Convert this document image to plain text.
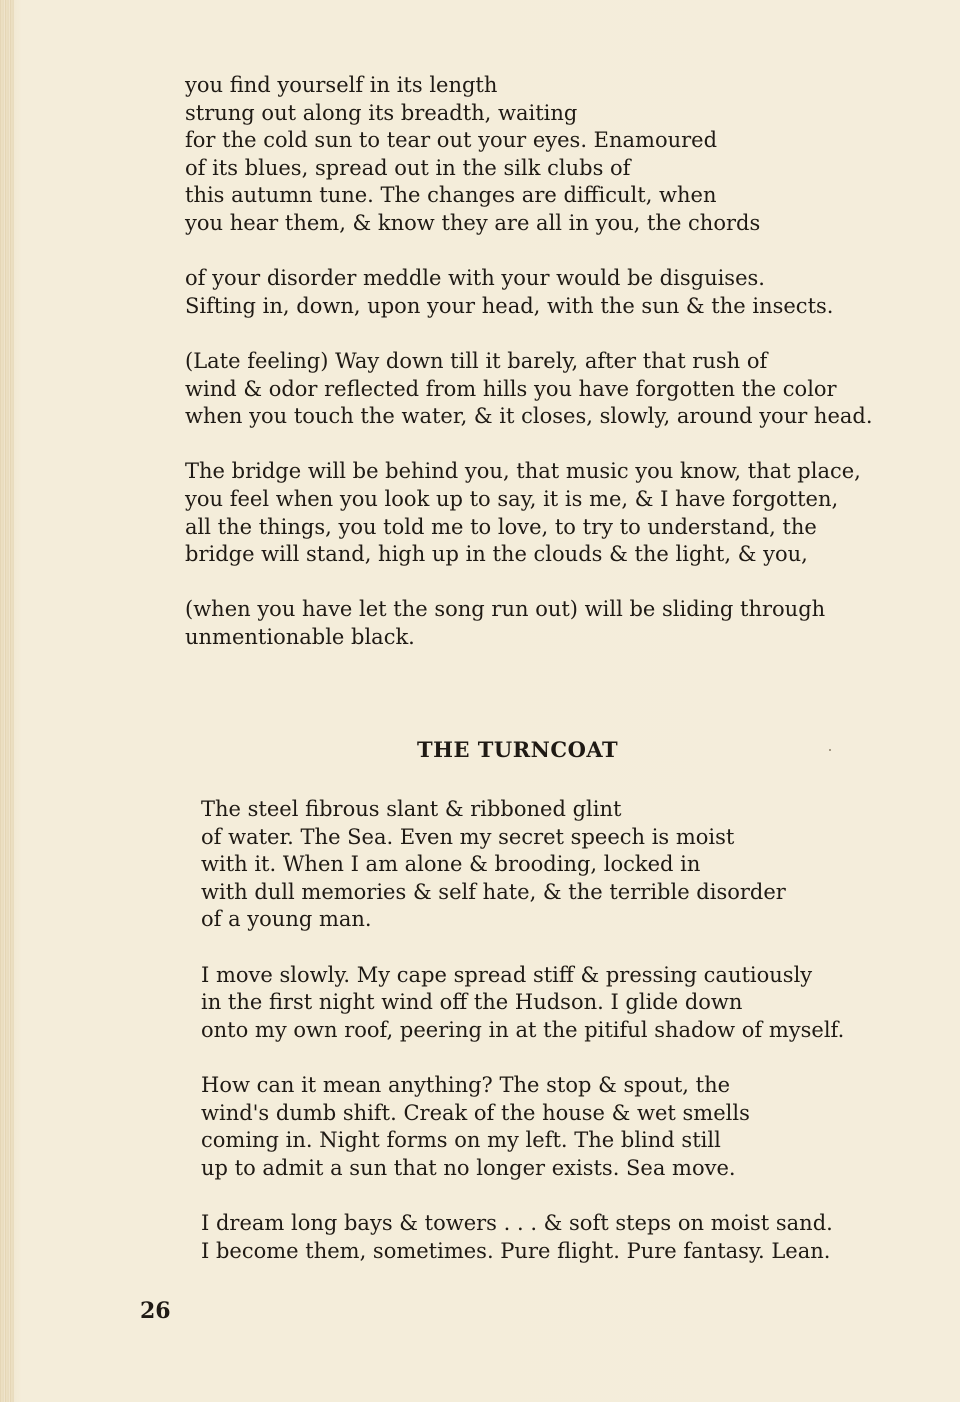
you find yourself in its length
strung out along its breadth, waiting
for the cold sun to tear out your eyes. Enamoured
of its blues, spread out in the silk clubs of
this autumn tune. The changes are difficult, when
you hear them, & know they are all in you, the chords
of your disorder meddle with your would be disguises.
Sifting in, down, upon your head, with the sun & the insects.
(Late feeling) Way down till it barely, after that rush of
wind & odor reflected from hills you have forgotten the color
when you touch the water, & it closes, slowly, around your head.
The bridge will be behind you, that music you know, that place,
you feel when you look up to say, it is me, & I have forgotten,
all the things, you told me to love, to try to understand, the
bridge will stand, high up in the clouds & the light, & you,
(when you have let the song run out) will be sliding through
unmentionable black.
THE TURNCOAT
The steel fibrous slant & ribboned glint
of water. The Sea. Even my secret speech is moist
with it. When I am alone & brooding, locked in
with dull memories & self hate, & the terrible disorder
of a young man.
I move slowly. My cape spread stiff & pressing cautiously
in the first night wind off the Hudson. I glide down
onto my own roof, peering in at the pitiful shadow of myself.
How can it mean anything? The stop & spout, the
wind's dumb shift. Creak of the house & wet smells
coming in. Night forms on my left. The blind still
up to admit a sun that no longer exists. Sea move.
I dream long bays & towers . . . & soft steps on moist sand.
I become them, sometimes. Pure flight. Pure fantasy. Lean.
26
